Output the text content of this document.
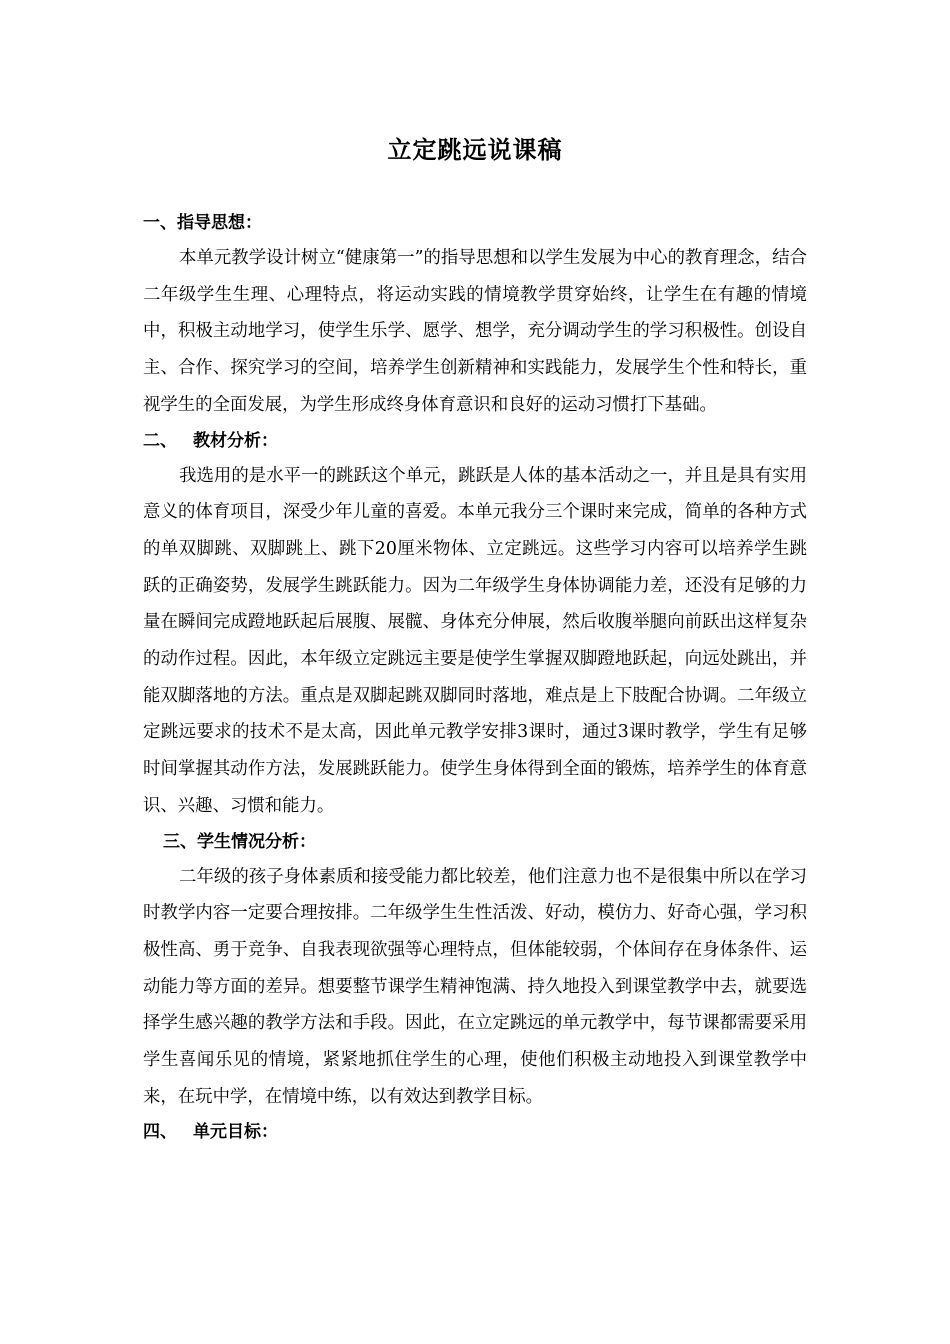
立定跳远说课稿
一、指导思想：

本单元教学设计树立“健康第一”的指导思想和以学生发展为中心的教育理念，结合二年级学生生理、心理特点，将运动实践的情境教学贯穿始终，让学生在有趣的情境中，积极主动地学习，使学生乐学、愿学、想学，充分调动学生的学习积极性。创设自主、合作、探究学习的空间，培养学生创新精神和实践能力，发展学生个性和特长，重视学生的全面发展，为学生形成终身体育意识和良好的运动习惯打下基础。

二、 教材分析：

我选用的是水平一的跳跃这个单元，跳跃是人体的基本活动之一，并且是具有实用意义的体育项目，深受少年儿童的喜爱。本单元我分三个课时来完成，简单的各种方式的单双脚跳、双脚跳上、跳下20厘米物体、立定跳远。这些学习内容可以培养学生跳跃的正确姿势，发展学生跳跃能力。因为二年级学生身体协调能力差，还没有足够的力量在瞬间完成蹬地跃起后展腹、展髋、身体充分伸展，然后收腹举腿向前跃出这样复杂的动作过程。因此，本年级立定跳远主要是使学生掌握双脚蹬地跃起，向远处跳出，并能双脚落地的方法。重点是双脚起跳双脚同时落地，难点是上下肢配合协调。二年级立定跳远要求的技术不是太高，因此单元教学安排3课时，通过3课时教学，学生有足够时间掌握其动作方法，发展跳跃能力。使学生身体得到全面的锻炼，培养学生的体育意识、兴趣、习惯和能力。

三、学生情况分析：

二年级的孩子身体素质和接受能力都比较差，他们注意力也不是很集中所以在学习时教学内容一定要合理按排。二年级学生生性活泼、好动，模仿力、好奇心强，学习积极性高、勇于竞争、自我表现欲强等心理特点，但体能较弱，个体间存在身体条件、运动能力等方面的差异。想要整节课学生精神饱满、持久地投入到课堂教学中去，就要选择学生感兴趣的教学方法和手段。因此，在立定跳远的单元教学中，每节课都需要采用学生喜闻乐见的情境，紧紧地抓住学生的心理，使他们积极主动地投入到课堂教学中来，在玩中学，在情境中练，以有效达到教学目标。

四、 单元目标：
